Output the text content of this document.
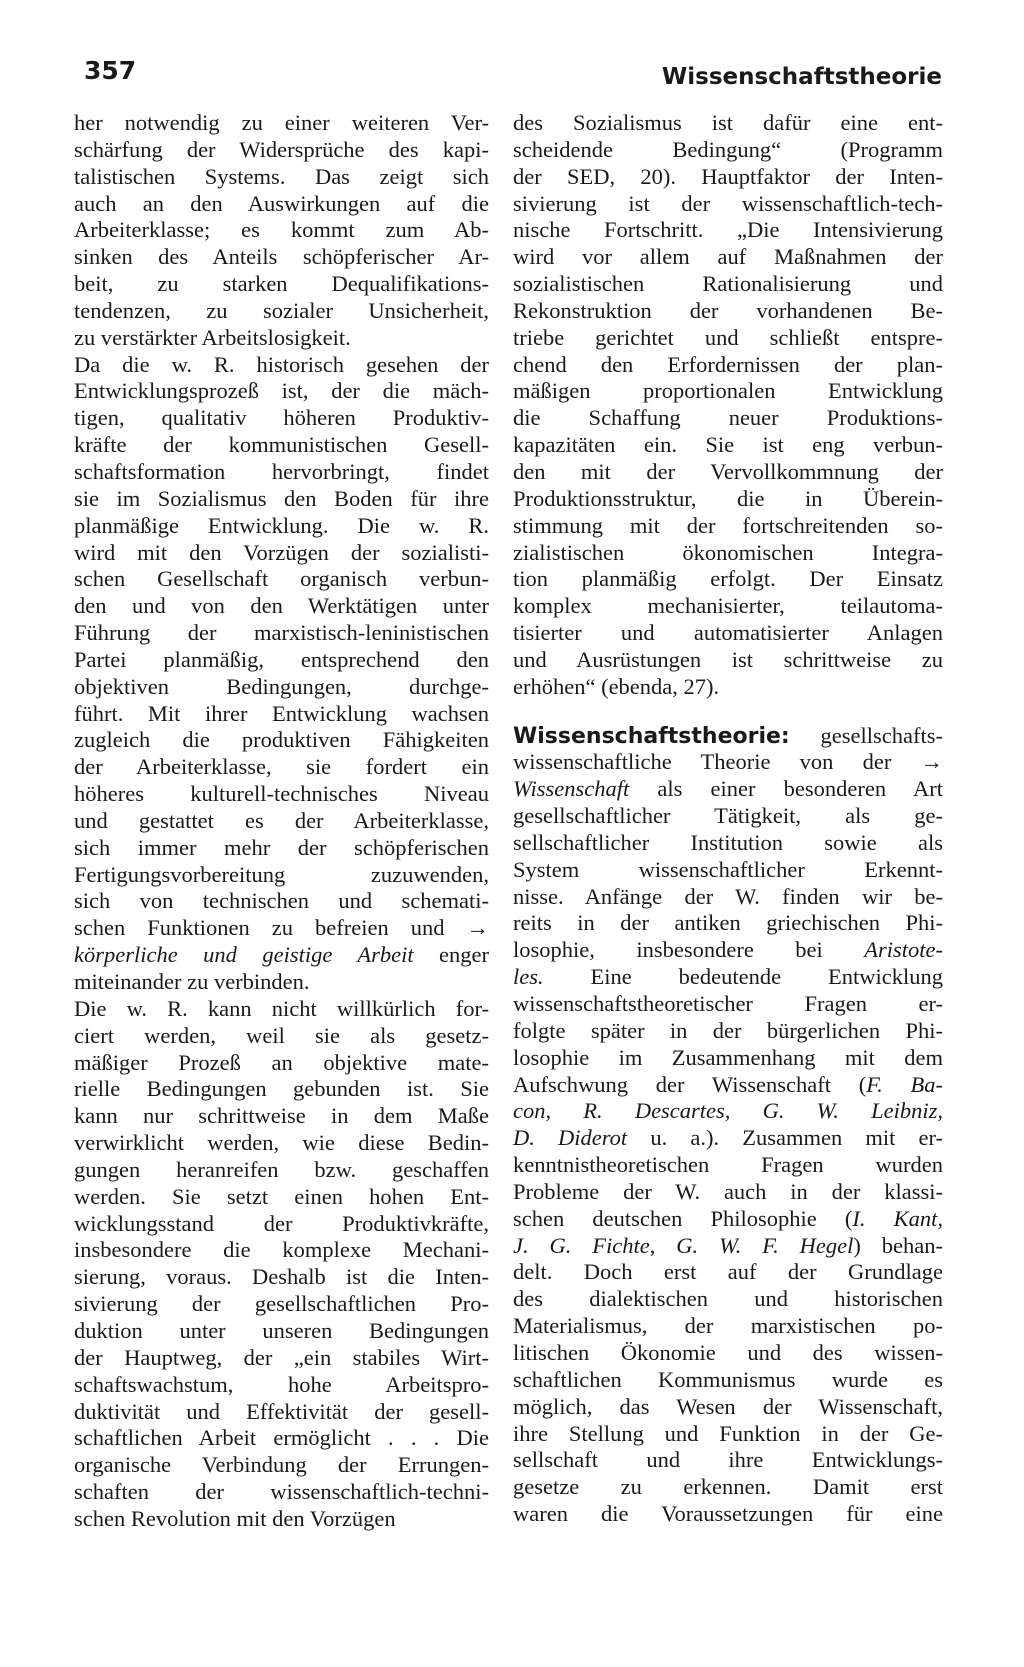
357	Wissenschaftstheorie
her notwendig zu einer weiteren Ver-
schärfung der Widersprüche des kapi-
talistischen Systems. Das zeigt sich
auch an den Auswirkungen auf die
Arbeiterklasse; es kommt zum Ab-
sinken des Anteils schöpferischer Ar-
beit, zu starken Dequalifikations-
tendenzen, zu sozialer Unsicherheit,
zu verstärkter Arbeitslosigkeit.
Da die w. R. historisch gesehen der
Entwicklungsprozeß ist, der die mäch-
tigen, qualitativ höheren Produktiv-
kräfte der kommunistischen Gesell-
schaftsformation hervorbringt, findet
sie im Sozialismus den Boden für ihre
planmäßige Entwicklung. Die w. R.
wird mit den Vorzügen der sozialisti-
schen Gesellschaft organisch verbun-
den und von den Werktätigen unter
Führung der marxistisch-leninistischen
Partei planmäßig, entsprechend den
objektiven Bedingungen, durchge-
führt. Mit ihrer Entwicklung wachsen
zugleich die produktiven Fähigkeiten
der Arbeiterklasse, sie fordert ein
höheres kulturell-technisches Niveau
und gestattet es der Arbeiterklasse,
sich immer mehr der schöpferischen
Fertigungsvorbereitung zuzuwenden,
sich von technischen und schemati-
schen Funktionen zu befreien und →
körperliche und geistige Arbeit enger
miteinander zu verbinden.
Die w. R. kann nicht willkürlich for-
ciert werden, weil sie als gesetz-
mäßiger Prozeß an objektive mate-
rielle Bedingungen gebunden ist. Sie
kann nur schrittweise in dem Maße
verwirklicht werden, wie diese Bedin-
gungen heranreifen bzw. geschaffen
werden. Sie setzt einen hohen Ent-
wicklungsstand der Produktivkräfte,
insbesondere die komplexe Mechani-
sierung, voraus. Deshalb ist die Inten-
sivierung der gesellschaftlichen Pro-
duktion unter unseren Bedingungen
der Hauptweg, der „ein stabiles Wirt-
schaftswachstum, hohe Arbeitspro-
duktivität und Effektivität der gesell-
schaftlichen Arbeit ermöglicht . . . Die
organische Verbindung der Errungen-
schaften der wissenschaftlich-techni-
schen Revolution mit den Vorzügen
des Sozialismus ist dafür eine ent-
scheidende Bedingung“ (Programm
der SED, 20). Hauptfaktor der Inten-
sivierung ist der wissenschaftlich-tech-
nische Fortschritt. „Die Intensivierung
wird vor allem auf Maßnahmen der
sozialistischen Rationalisierung und
Rekonstruktion der vorhandenen Be-
triebe gerichtet und schließt entspre-
chend den Erfordernissen der plan-
mäßigen proportionalen Entwicklung
die Schaffung neuer Produktions-
kapazitäten ein. Sie ist eng verbun-
den mit der Vervollkommnung der
Produktionsstruktur, die in Überein-
stimmung mit der fortschreitenden so-
zialistischen ökonomischen Integra-
tion planmäßig erfolgt. Der Einsatz
komplex mechanisierter, teilautoma-
tisierter und automatisierter Anlagen
und Ausrüstungen ist schrittweise zu
erhöhen“ (ebenda, 27).
Wissenschaftstheorie: gesellschafts-
wissenschaftliche Theorie von der →
Wissenschaft als einer besonderen Art
gesellschaftlicher Tätigkeit, als ge-
sellschaftlicher Institution sowie als
System wissenschaftlicher Erkennt-
nisse. Anfänge der W. finden wir be-
reits in der antiken griechischen Phi-
losophie, insbesondere bei Aristote-
les. Eine bedeutende Entwicklung
wissenschaftstheoretischer Fragen er-
folgte später in der bürgerlichen Phi-
losophie im Zusammenhang mit dem
Aufschwung der Wissenschaft (F. Ba-
con, R. Descartes, G. W. Leibniz,
D. Diderot u. a.). Zusammen mit er-
kenntnistheoretischen Fragen wurden
Probleme der W. auch in der klassi-
schen deutschen Philosophie (I. Kant,
J. G. Fichte, G. W. F. Hegel) behan-
delt. Doch erst auf der Grundlage
des dialektischen und historischen
Materialismus, der marxistischen po-
litischen Ökonomie und des wissen-
schaftlichen Kommunismus wurde es
möglich, das Wesen der Wissenschaft,
ihre Stellung und Funktion in der Ge-
sellschaft und ihre Entwicklungs-
gesetze zu erkennen. Damit erst
waren die Voraussetzungen für eine
